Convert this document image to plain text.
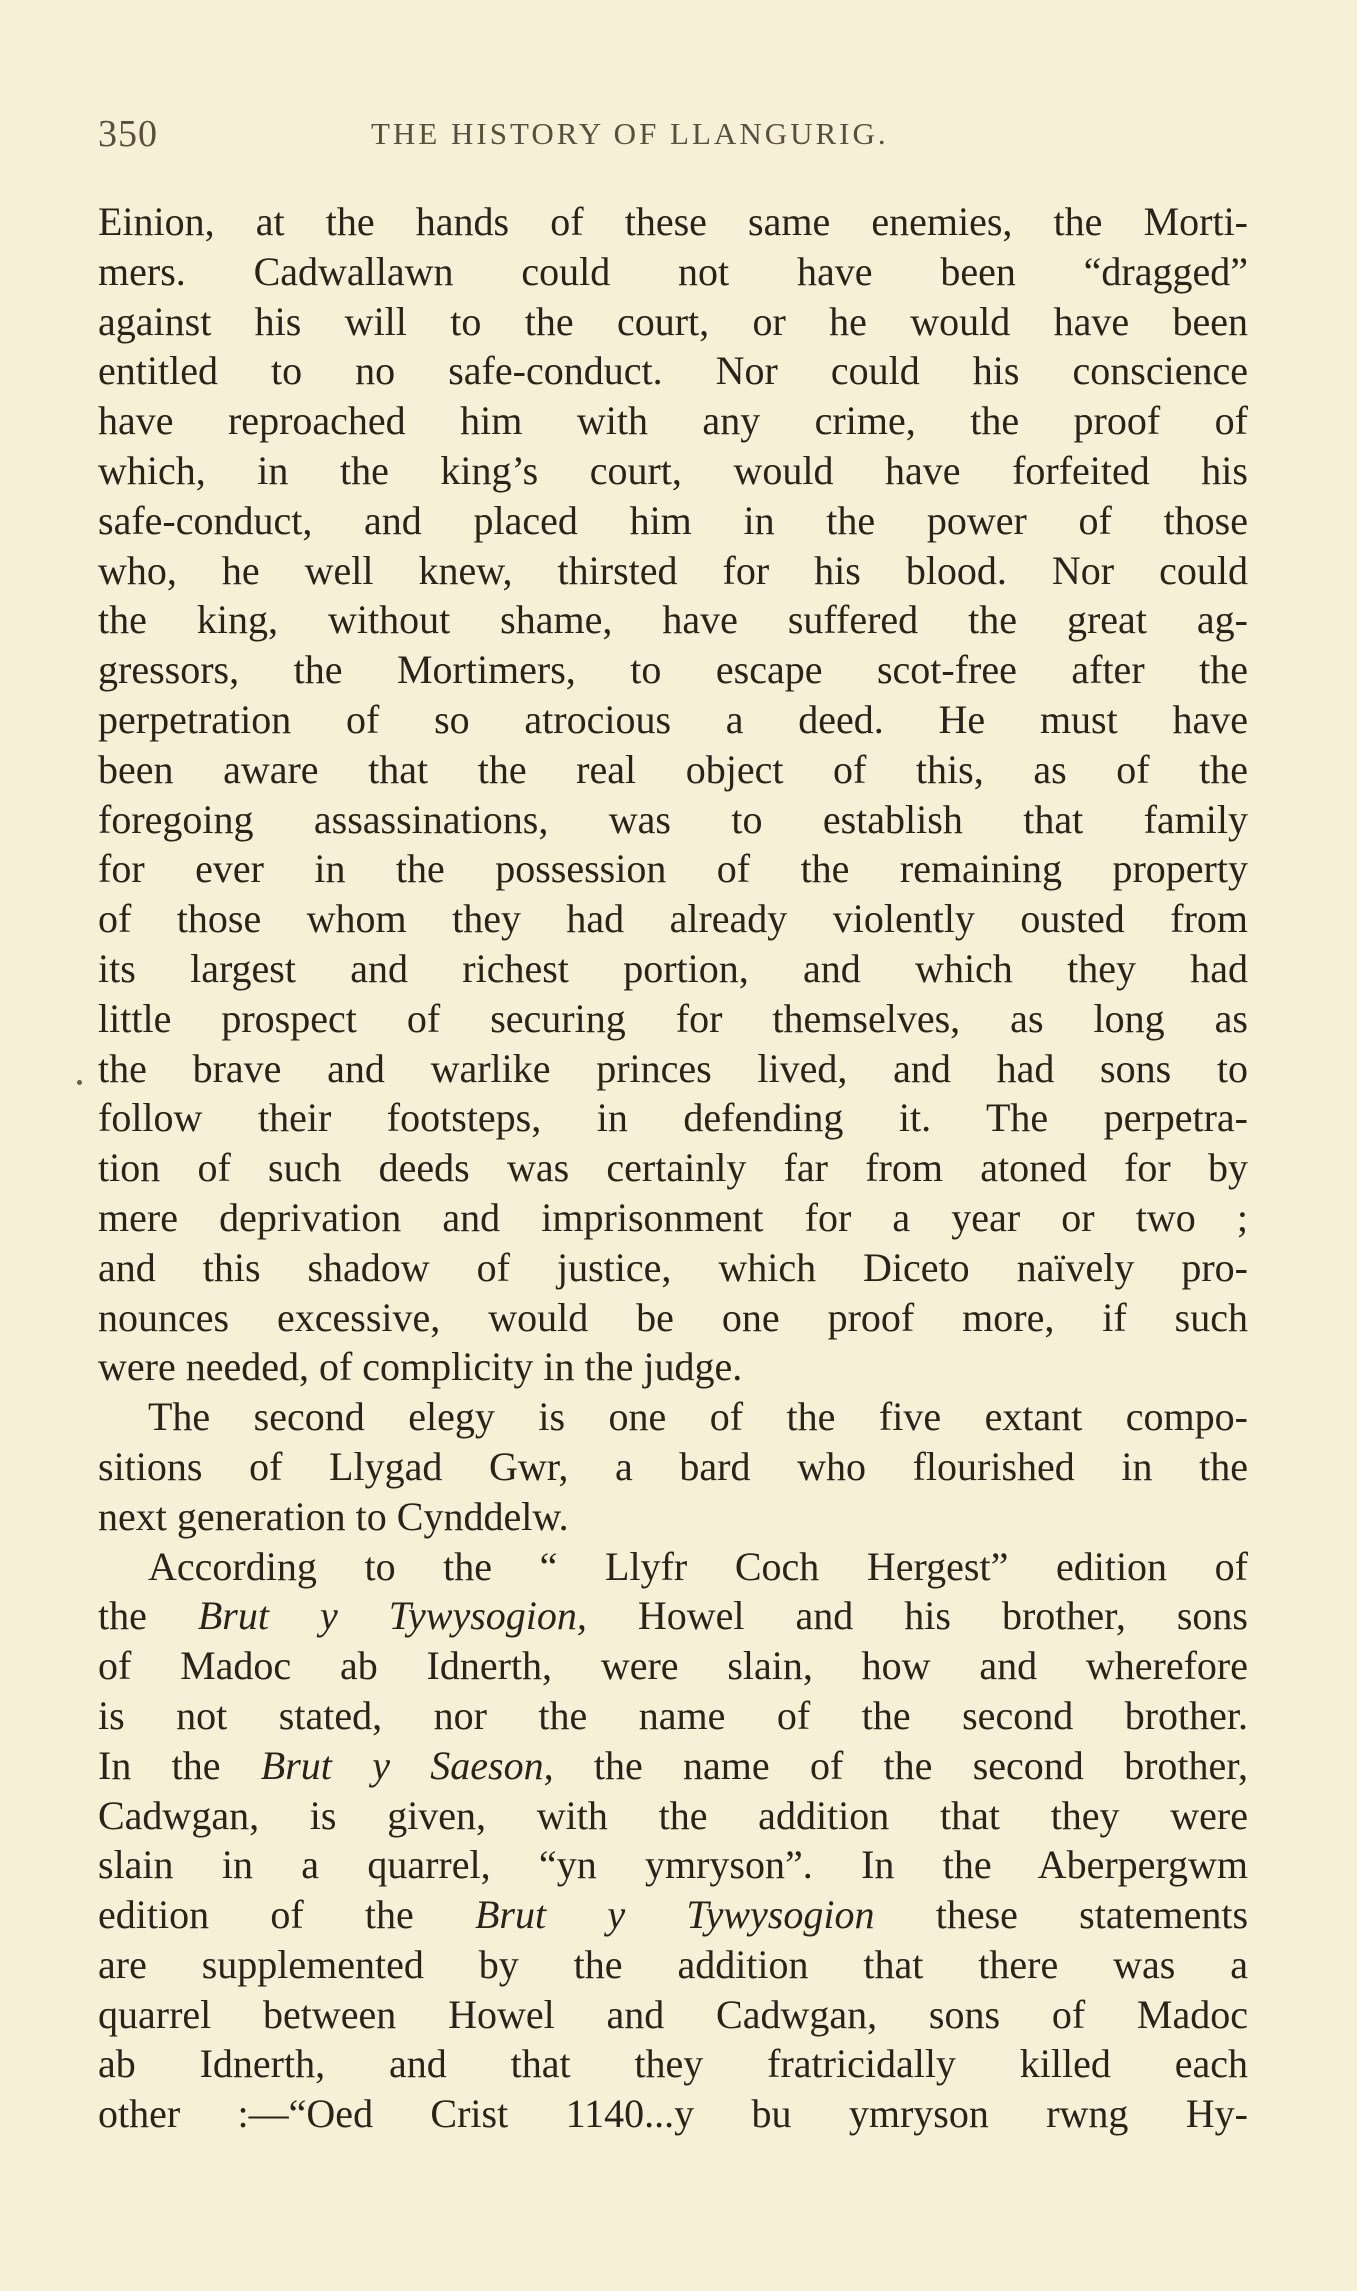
350	THE HISTORY OF LLANGURIG.
Einion, at the hands of these same enemies, the Morti-
mers. Cadwallawn could not have been “dragged”
against his will to the court, or he would have been
entitled to no safe-conduct. Nor could his conscience
have reproached him with any crime, the proof of
which, in the king’s court, would have forfeited his
safe-conduct, and placed him in the power of those
who, he well knew, thirsted for his blood. Nor could
the king, without shame, have suffered the great ag-
gressors, the Mortimers, to escape scot-free after the
perpetration of so atrocious a deed. He must have
been aware that the real object of this, as of the
foregoing assassinations, was to establish that family
for ever in the possession of the remaining property
of those whom they had already violently ousted from
its largest and richest portion, and which they had
little prospect of securing for themselves, as long as
the brave and warlike princes lived, and had sons to
follow their footsteps, in defending it. The perpetra-
tion of such deeds was certainly far from atoned for by
mere deprivation and imprisonment for a year or two ;
and this shadow of justice, which Diceto naïvely pro-
nounces excessive, would be one proof more, if such
were needed, of complicity in the judge.
The second elegy is one of the five extant compo-
sitions of Llygad Gwr, a bard who flourished in the
next generation to Cynddelw.
According to the “ Llyfr Coch Hergest” edition of
the Brut y Tywysogion, Howel and his brother, sons
of Madoc ab Idnerth, were slain, how and wherefore
is not stated, nor the name of the second brother.
In the Brut y Saeson, the name of the second brother,
Cadwgan, is given, with the addition that they were
slain in a quarrel, “yn ymryson”. In the Aberpergwm
edition of the Brut y Tywysogion these statements
are supplemented by the addition that there was a
quarrel between Howel and Cadwgan, sons of Madoc
ab Idnerth, and that they fratricidally killed each
other :—“Oed Crist 1140...y bu ymryson rwng Hy-
